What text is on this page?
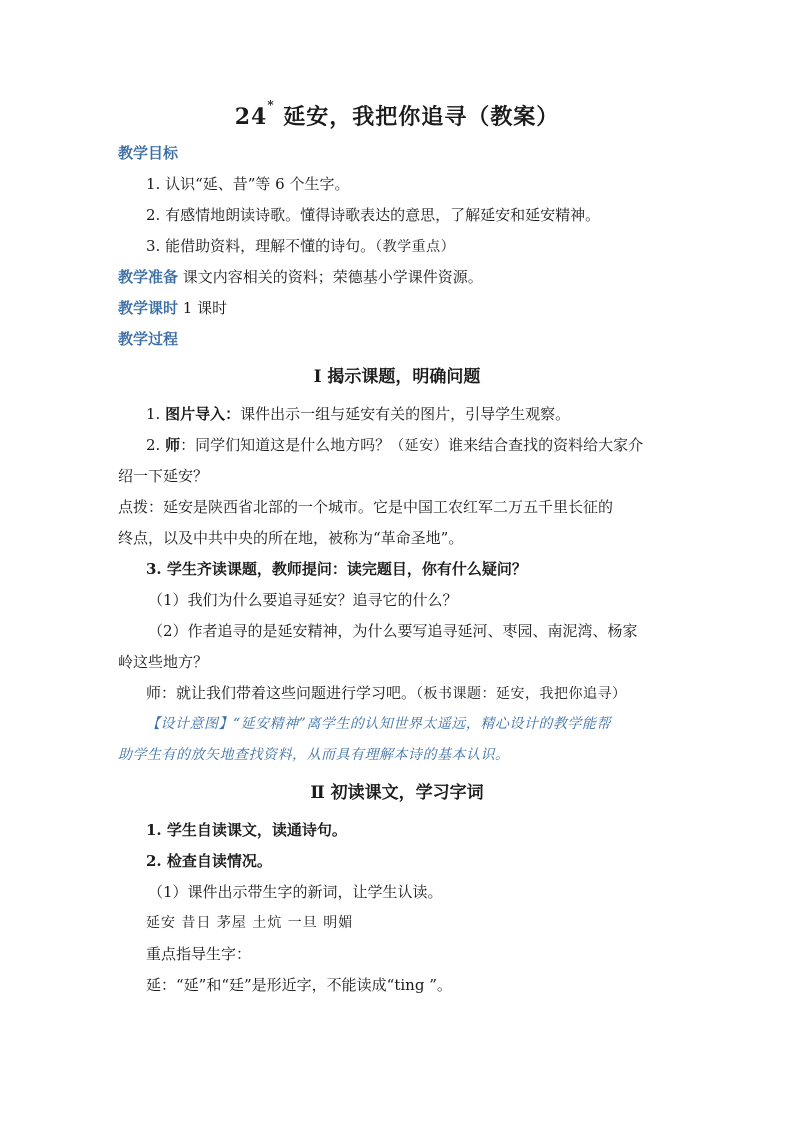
24* 延安，我把你追寻（教案）
教学目标
1. 认识“延、昔”等 6 个生字。
2. 有感情地朗读诗歌。懂得诗歌表达的意思，了解延安和延安精神。
3. 能借助资料，理解不懂的诗句。（教学重点）
教学准备 课文内容相关的资料；荣德基小学课件资源。
教学课时 1 课时
教学过程
Ⅰ 揭示课题，明确问题
1. 图片导入：课件出示一组与延安有关的图片，引导学生观察。
2. 师：同学们知道这是什么地方吗？（延安）谁来结合查找的资料给大家介
绍一下延安？
点拨：延安是陕西省北部的一个城市。它是中国工农红军二万五千里长征的
终点，以及中共中央的所在地，被称为“革命圣地”。
3. 学生齐读课题，教师提问：读完题目，你有什么疑问？
（1）我们为什么要追寻延安？追寻它的什么？
（2）作者追寻的是延安精神，为什么要写追寻延河、枣园、南泥湾、杨家
岭这些地方？
师：就让我们带着这些问题进行学习吧。（板书课题：延安，我把你追寻）
【设计意图】“延安精神”离学生的认知世界太遥远，精心设计的教学能帮
助学生有的放矢地查找资料，从而具有理解本诗的基本认识。
Ⅱ 初读课文，学习字词
1. 学生自读课文，读通诗句。
2. 检查自读情况。
（1）课件出示带生字的新词，让学生认读。
延安 昔日 茅屋 土炕 一旦 明媚
重点指导生字：
延：“延”和“廷”是形近字，不能读成“ting ”。
